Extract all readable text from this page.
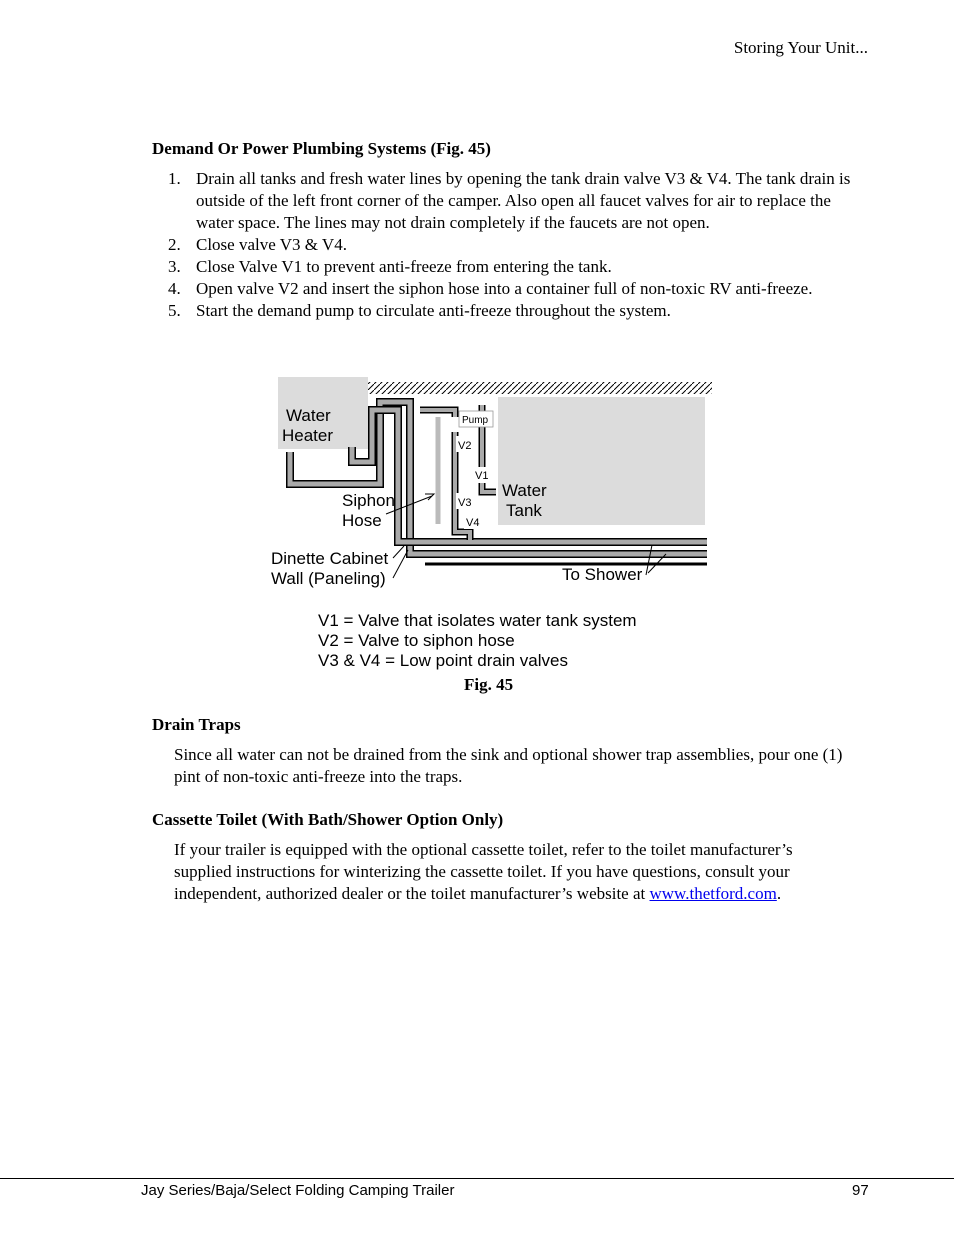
Storing Your Unit...
Demand Or Power Plumbing Systems (Fig. 45)
1. Drain all tanks and fresh water lines by opening the tank drain valve V3 & V4. The tank drain is outside of the left front corner of the camper. Also open all faucet valves for air to replace the water space. The lines may not drain completely if the faucets are not open.
2. Close valve V3 & V4.
3. Close Valve V1 to prevent anti-freeze from entering the tank.
4. Open valve V2 and insert the siphon hose into a container full of non-toxic RV anti-freeze.
5. Start the demand pump to circulate anti-freeze throughout the system.
Water
Heater
Pump
V2
V1
V3
V4
Water
Tank
Siphon
Hose
Dinette Cabinet
Wall (Paneling)	To Shower
V1 = Valve that isolates water tank system
V2 = Valve to siphon hose
V3 & V4 = Low point drain valves
Fig. 45
Drain Traps
Since all water can not be drained from the sink and optional shower trap assemblies, pour one (1) pint of non-toxic anti-freeze into the traps.
Cassette Toilet (With Bath/Shower Option Only)
If your trailer is equipped with the optional cassette toilet, refer to the toilet manufacturer’s supplied instructions for winterizing the cassette toilet. If you have questions, consult your independent, authorized dealer or the toilet manufacturer’s website at www.thetford.com.
Jay Series/Baja/Select Folding Camping Trailer	97
